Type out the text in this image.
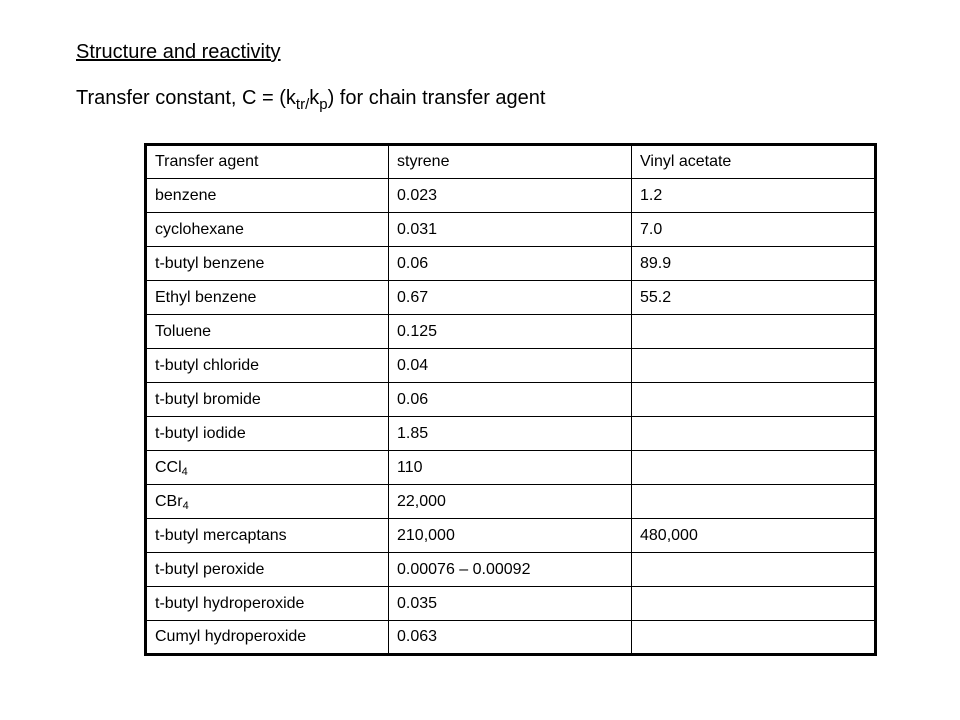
Structure and reactivity
Transfer constant, $C = (k_{tr/}k_p)$ for chain transfer agent
Transfer agent	styrene	Vinyl acetate
benzene	0.023	1.2
cyclohexane	0.031	7.0
t-butyl benzene	0.06	89.9
Ethyl benzene	0.67	55.2
Toluene	0.125	
t-butyl chloride	0.04	
t-butyl bromide	0.06	
t-butyl iodide	1.85	
CCl$_4$	110	
CBr$_4$	22,000	
t-butyl mercaptans	210,000	480,000
t-butyl peroxide	0.00076 – 0.00092	
t-butyl hydroperoxide	0.035	
Cumyl hydroperoxide	0.063	
